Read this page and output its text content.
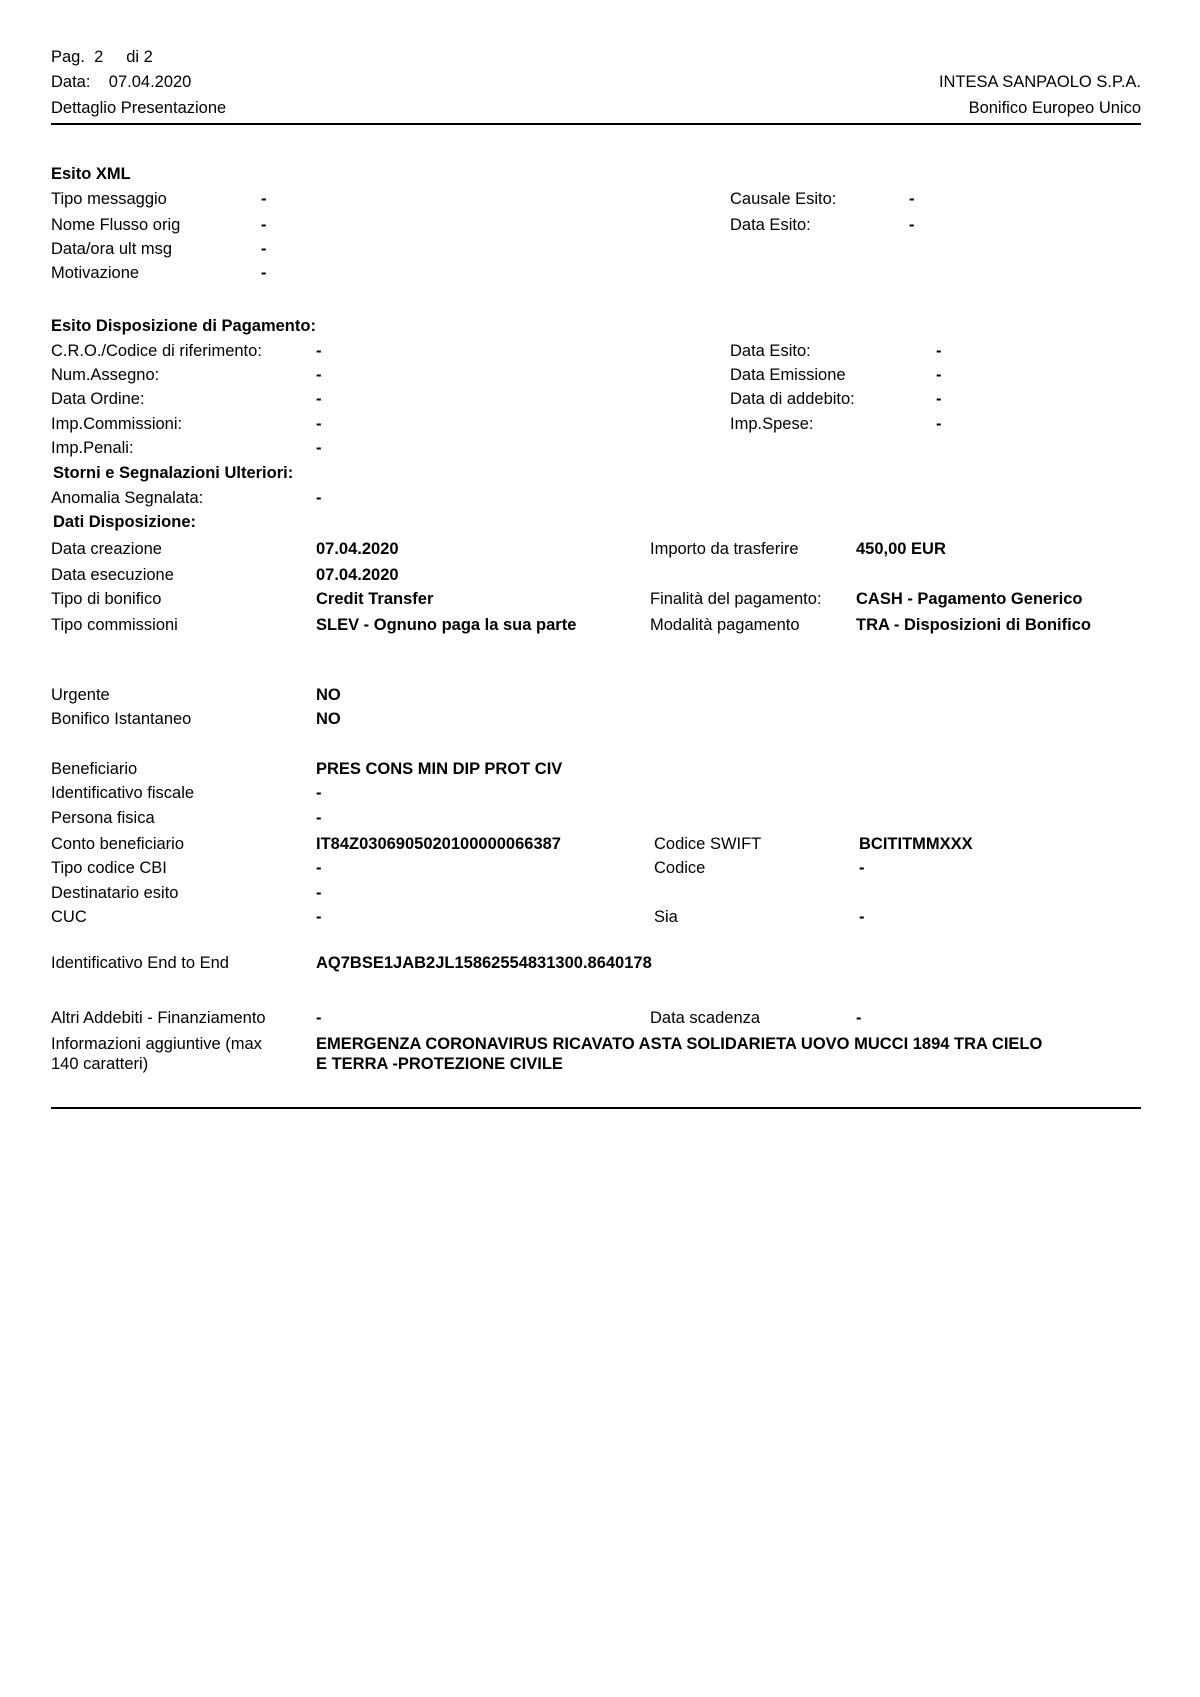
Pag. 2 di 2
Data: 07.04.2020
Dettaglio Presentazione
INTESA SANPAOLO S.P.A.
Bonifico Europeo Unico
Esito XML
Tipo messaggio	-	Causale Esito:	-
Nome Flusso orig	-	Data Esito:	-
Data/ora ult msg	-
Motivazione	-
Esito Disposizione di Pagamento:
C.R.O./Codice di riferimento:	-	Data Esito:	-
Num.Assegno:	-	Data Emissione	-
Data Ordine:	-	Data di addebito:	-
Imp.Commissioni:	-	Imp.Spese:	-
Imp.Penali:	-
Storni e Segnalazioni Ulteriori:
Anomalia Segnalata:	-
Dati Disposizione:
Data creazione	07.04.2020	Importo da trasferire	450,00 EUR
Data esecuzione	07.04.2020
Tipo di bonifico	Credit Transfer	Finalità del pagamento: CASH - Pagamento Generico
Tipo commissioni	SLEV - Ognuno paga la sua parte	Modalità pagamento	TRA - Disposizioni di Bonifico
Urgente	NO
Bonifico Istantaneo	NO
Beneficiario	PRES CONS MIN DIP PROT CIV
Identificativo fiscale	-
Persona fisica	-
Conto beneficiario	IT84Z0306905020100000066387	Codice SWIFT	BCITITMMXXX
Tipo codice CBI	-	Codice	-
Destinatario esito	-
CUC	-	Sia	-
Identificativo End to End	AQ7BSE1JAB2JL15862554831300.8640178
Altri Addebiti - Finanziamento	-	Data scadenza	-
Informazioni aggiuntive (max
140 caratteri)
EMERGENZA CORONAVIRUS RICAVATO ASTA SOLIDARIETA UOVO MUCCI 1894 TRA CIELO
E TERRA -PROTEZIONE CIVILE
